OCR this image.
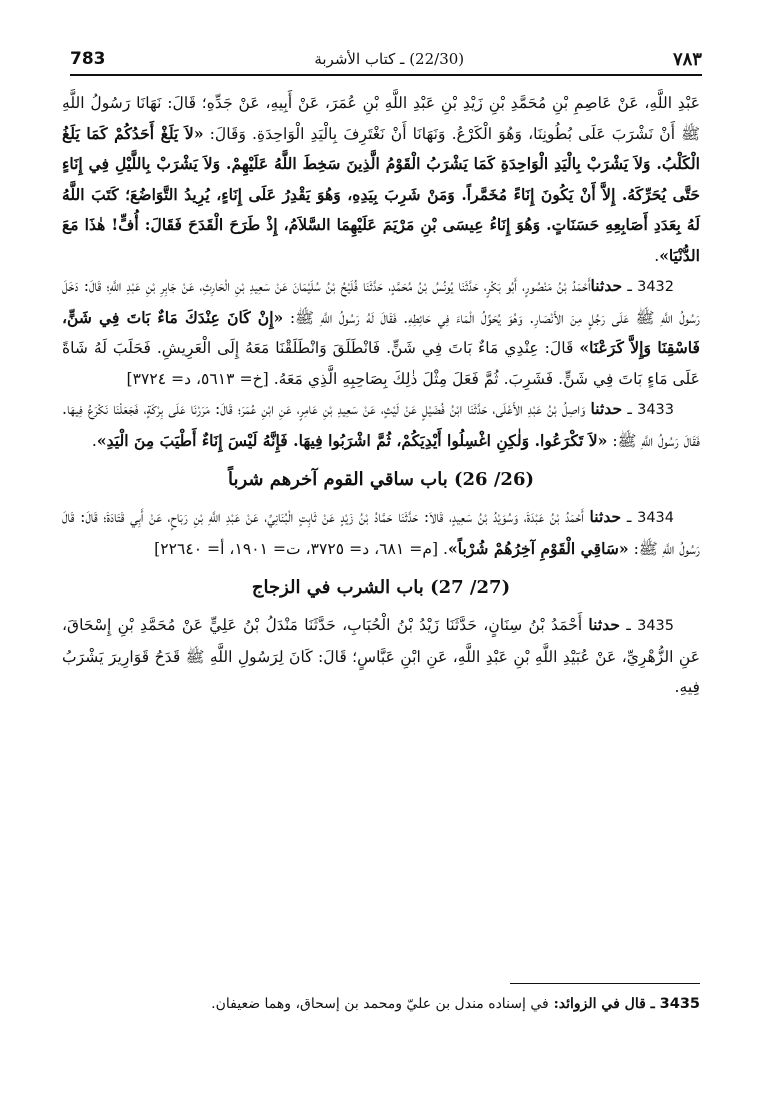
783	(22/30) ـ كتاب الأشربة	٧٨٣

عَبْدِ اللَّهِ، عَنْ عَاصِمِ بْنِ مُحَمَّدِ بْنِ زَيْدِ بْنِ عَبْدِ اللَّهِ بْنِ عُمَرَ، عَنْ أَبِيهِ، عَنْ جَدِّهِ؛ قَالَ: نَهَانَا رَسُولُ اللَّهِ ﷺ أَنْ نَشْرَبَ عَلَى بُطُونِنَا، وَهُوَ الْكَرْعُ. وَنَهَانَا أَنْ نَغْتَرِفَ بِالْيَدِ الْوَاحِدَةِ. وَقَالَ: «لاَ يَلَغْ أَحَدُكُمْ كَمَا يَلَغُ الْكَلْبُ. وَلاَ يَشْرَبْ بِالْيَدِ الْوَاحِدَةِ كَمَا يَشْرَبُ الْقَوْمُ الَّذِينَ سَخِطَ اللَّهُ عَلَيْهِمْ. وَلاَ يَشْرَبْ بِاللَّيْلِ فِي إِنَاءٍ حَتَّى يُحَرِّكَهُ. إِلاَّ أَنْ يَكُونَ إِنَاءً مُخَمَّراً. وَمَنْ شَرِبَ بِيَدِهِ، وَهُوَ يَقْدِرُ عَلَى إِنَاءٍ، يُرِيدُ التَّوَاضُعَ؛ كَتَبَ اللَّهُ لَهُ بِعَدَدِ أَصَابِعِهِ حَسَنَاتٍ. وَهُوَ إِنَاءُ عِيسَى بْنِ مَرْيَمَ عَلَيْهِمَا السَّلاَمُ، إِذْ طَرَحَ الْقَدَحَ فَقَالَ: أُفٍّ! هٰذَا مَعَ الدُّنْيَا».

3432 ـ حدثناأَحْمَدُ بْنُ مَنْصُورٍ، أَبُو بَكْرٍ، حَدَّثَنَا يُونُسُ بْنُ مُحَمَّدٍ، حَدَّثَنَا فُلَيْحُ بْنُ سُلَيْمَانَ عَنْ سَعِيدِ بْنِ الْحَارِثِ، عَنْ جَابِرِ بْنِ عَبْدِ اللَّهِ؛ قَالَ: دَخَلَ رَسُولُ اللَّهِ ﷺ عَلَى رَجُلٍ مِنَ الأَنْصَارِ. وَهُوَ يُحَوِّلُ الْمَاءَ فِي حَائِطِهِ. فَقَالَ لَهُ رَسُولُ اللَّهِ ﷺ: «إِنْ كَانَ عِنْدَكَ مَاءٌ بَاتَ فِي شَنٍّ، فَاسْقِنَا وَإِلاَّ كَرَعْنَا» قَالَ: عِنْدِي مَاءٌ بَاتَ فِي شَنٍّ. فَانْطَلَقَ وَانْطَلَقْنَا مَعَهُ إِلَى الْعَرِيشِ. فَحَلَبَ لَهُ شَاةً عَلَى مَاءٍ بَاتَ فِي شَنٍّ. فَشَرِبَ. ثُمَّ فَعَلَ مِثْلَ ذٰلِكَ بِصَاحِبِهِ الَّذِي مَعَهُ. [خ= ٥٦١٣، د= ٣٧٢٤]

3433 ـ حدثنا وَاصِلُ بْنُ عَبْدِ الأَعْلَى، حَدَّثَنَا ابْنُ فُضَيْلٍ عَنْ لَيْثٍ، عَنْ سَعِيدِ بْنِ عَامِرٍ، عَنِ ابْنِ عُمَرَ؛ قَالَ: مَرَرْنَا عَلَى بِرْكَةٍ، فَجَعَلْنَا نَكْرَعُ فِيهَا. فَقَالَ رَسُولُ اللَّهِ ﷺ: «لاَ تَكْرَعُوا. وَلٰكِنِ اغْسِلُوا أَيْدِيَكُمْ، ثُمَّ اشْرَبُوا فِيهَا. فَإِنَّهُ لَيْسَ إِنَاءٌ أَطْيَبَ مِنَ الْيَدِ».

(26/ 26) باب ساقي القوم آخرهم شرباً

3434 ـ حدثنا أَحْمَدُ بْنُ عَبْدَةَ، وَسُوَيْدُ بْنُ سَعِيدٍ، قَالاَ: حَدَّثَنَا حَمَّادُ بْنُ زَيْدٍ عَنْ ثَابِتٍ الْبُنَانِيِّ، عَنْ عَبْدِ اللَّهِ بْنِ رَبَاحٍ، عَنْ أَبِي قَتَادَةَ؛ قَالَ: قَالَ رَسُولُ اللَّهِ ﷺ: «سَاقِي الْقَوْمِ آخِرُهُمْ شُرْباً». [م= ٦٨١، د= ٣٧٢٥، ت= ١٩٠١، أ= ٢٢٦٤٠]

(27/ 27) باب الشرب في الزجاج

3435 ـ حدثنا أَحْمَدُ بْنُ سِنَانٍ، حَدَّثَنَا زَيْدُ بْنُ الْحُبَابِ، حَدَّثَنَا مَنْدَلُ بْنُ عَلِيٍّ عَنْ مُحَمَّدِ بْنِ إِسْحَاقَ، عَنِ الزُّهْرِيِّ، عَنْ عُبَيْدِ اللَّهِ بْنِ عَبْدِ اللَّهِ، عَنِ ابْنِ عَبَّاسٍ؛ قَالَ: كَانَ لِرَسُولِ اللَّهِ ﷺ قَدَحُ قَوَارِيرَ يَشْرَبُ فِيهِ.

3435 ـ قال في الزوائد: في إسناده مندل بن عليّ ومحمد بن إسحاق، وهما ضعيفان.
